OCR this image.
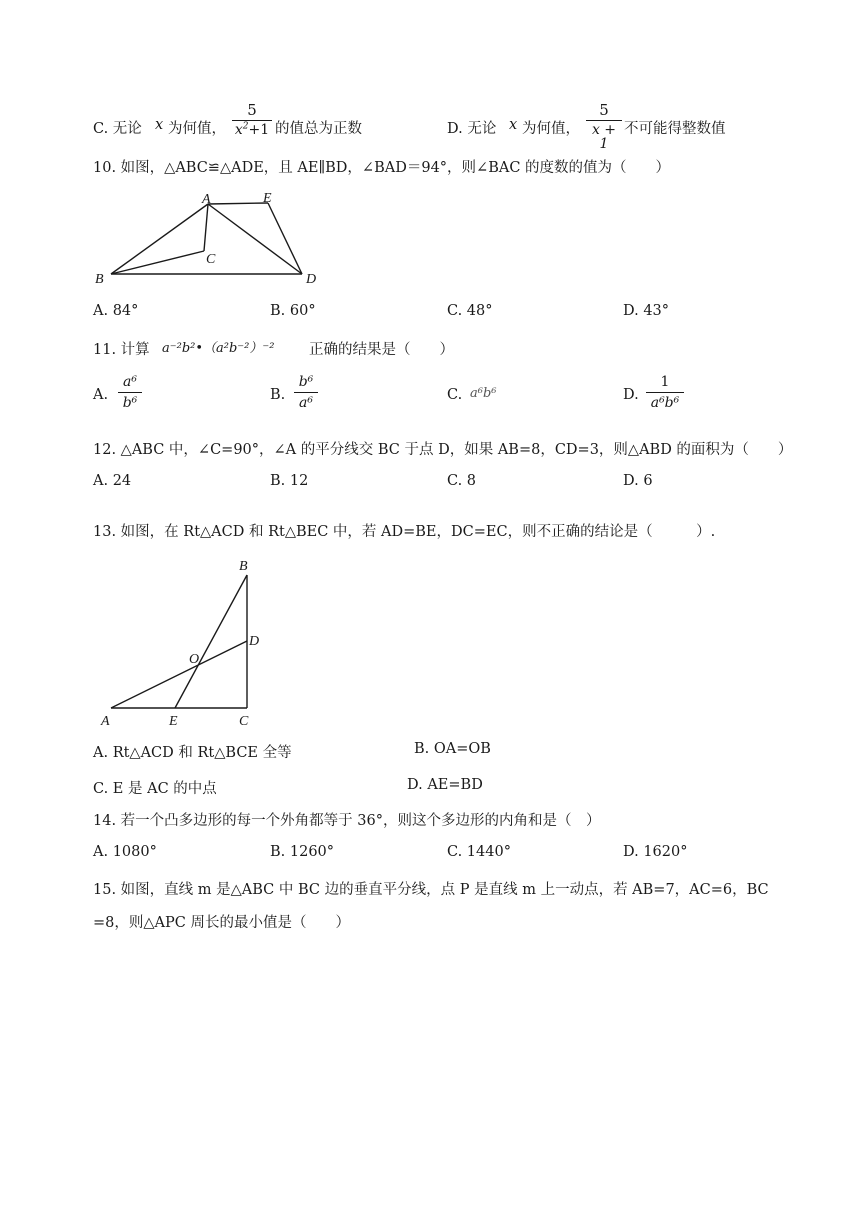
C. 无论 x 为何值，
5
$x^2+1$ 的值总为正数	D. 无论 x 为何值，
5
x + 1
不可能得整数值
10. 如图，△ABC≌△ADE，且 AE∥BD，∠BAD＝94°，则∠BAC 的度数的值为（　　）
A	E
C
B	D
A. 84°	B. 60°	C. 48°	D. 43°
11. 计算 a⁻²b²•（a²b⁻²）⁻² 正确的结果是（　　）
A.
a⁶
b⁶	B.
b⁶
a⁶	C. a⁶b⁶	D.
1
a⁶b⁶
12. △ABC 中，∠C=90°，∠A 的平分线交 BC 于点 D，如果 AB=8，CD=3，则△ABD 的面积为（　　）
A. 24	B. 12	C. 8	D. 6
13. 如图，在 Rt△ACD 和 Rt△BEC 中，若 AD=BE，DC=EC，则不正确的结论是（　　　）.
B
D
O
A	E	C
A. Rt△ACD 和 Rt△BCE 全等	B. OA=OB
C. E 是 AC 的中点	D. AE=BD
14. 若一个凸多边形的每一个外角都等于 36°，则这个多边形的内角和是（　）
A. 1080°	B. 1260°	C. 1440°	D. 1620°
15. 如图，直线 m 是△ABC 中 BC 边的垂直平分线，点 P 是直线 m 上一动点，若 AB=7，AC=6，BC
=8，则△APC 周长的最小值是（　　）
